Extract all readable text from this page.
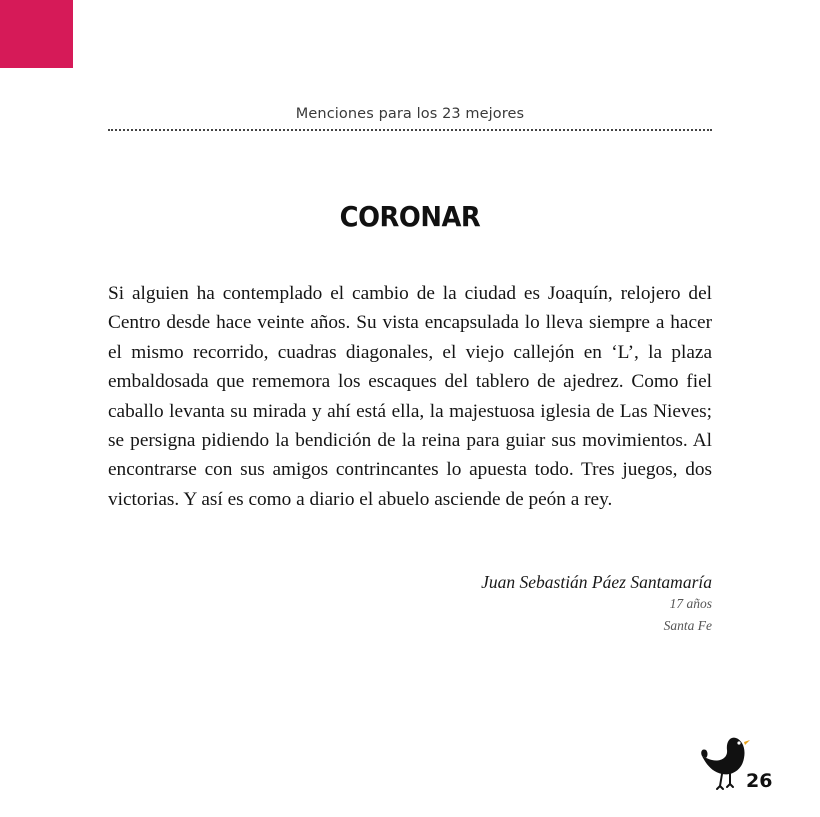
Menciones para los 23 mejores
CORONAR

Si alguien ha contemplado el cambio de la ciudad es Joaquín, relojero del Centro desde hace veinte años. Su vista encapsulada lo lleva siempre a hacer el mismo recorrido, cuadras diagonales, el viejo callejón en ‘L’, la plaza embaldosada que rememora los escaques del tablero de ajedrez. Como fiel caballo levanta su mirada y ahí está ella, la majestuosa iglesia de Las Nieves; se persigna pidiendo la bendición de la reina para guiar sus movimientos. Al encontrarse con sus amigos contrincantes lo apuesta todo. Tres juegos, dos victorias. Y así es como a diario el abuelo asciende de peón a rey.

Juan Sebastián Páez Santamaría
17 años
Santa Fe
26
